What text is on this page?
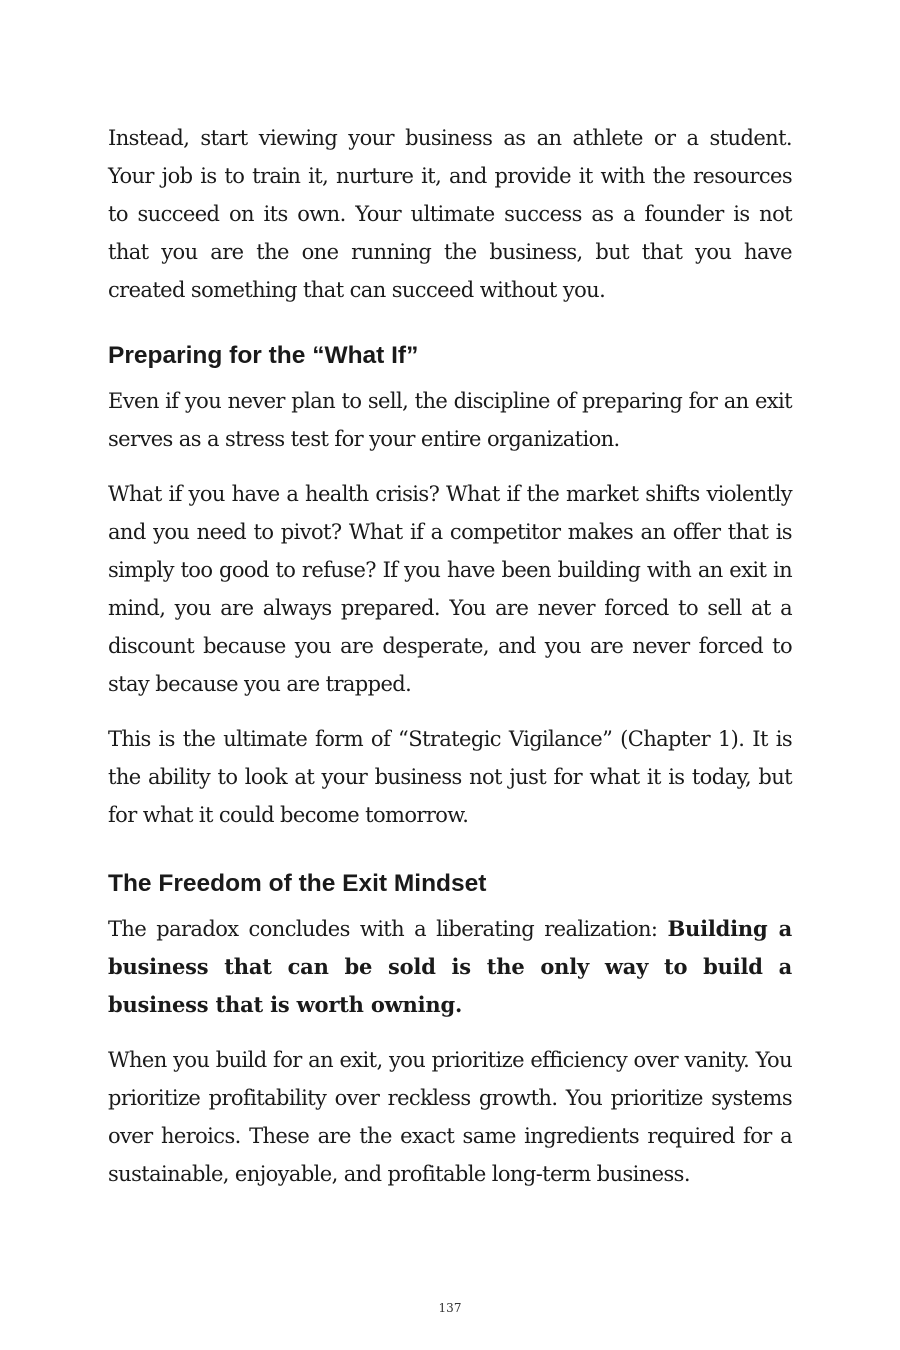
Instead, start viewing your business as an athlete or a student. Your job is to train it, nurture it, and provide it with the resources to succeed on its own. Your ultimate success as a founder is not that you are the one running the business, but that you have created something that can succeed without you.

Preparing for the “What If”

Even if you never plan to sell, the discipline of preparing for an exit serves as a stress test for your entire organization.

What if you have a health crisis? What if the market shifts violently and you need to pivot? What if a competitor makes an offer that is simply too good to refuse? If you have been building with an exit in mind, you are always prepared. You are never forced to sell at a discount because you are desperate, and you are never forced to stay because you are trapped.

This is the ultimate form of “Strategic Vigilance” (Chapter 1). It is the ability to look at your business not just for what it is today, but for what it could become tomorrow.

The Freedom of the Exit Mindset

The paradox concludes with a liberating realization: Building a business that can be sold is the only way to build a business that is worth owning.

When you build for an exit, you prioritize efficiency over vanity. You prioritize profitability over reckless growth. You prioritize systems over heroics. These are the exact same ingredients required for a sustainable, enjoyable, and profitable long-term business.

137
